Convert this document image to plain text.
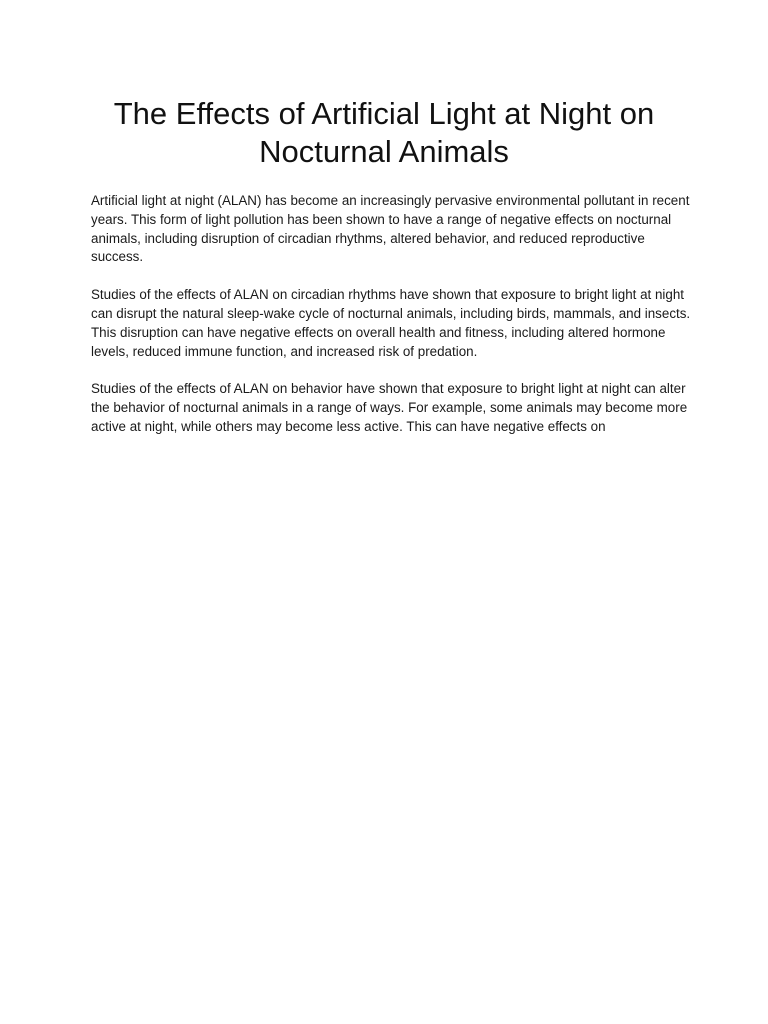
The Effects of Artificial Light at Night on Nocturnal Animals

Artificial light at night (ALAN) has become an increasingly pervasive environmental pollutant in recent years. This form of light pollution has been shown to have a range of negative effects on nocturnal animals, including disruption of circadian rhythms, altered behavior, and reduced reproductive success.

Studies of the effects of ALAN on circadian rhythms have shown that exposure to bright light at night can disrupt the natural sleep-wake cycle of nocturnal animals, including birds, mammals, and insects. This disruption can have negative effects on overall health and fitness, including altered hormone levels, reduced immune function, and increased risk of predation.

Studies of the effects of ALAN on behavior have shown that exposure to bright light at night can alter the behavior of nocturnal animals in a range of ways. For example, some animals may become more active at night, while others may become less active. This can have negative effects on
